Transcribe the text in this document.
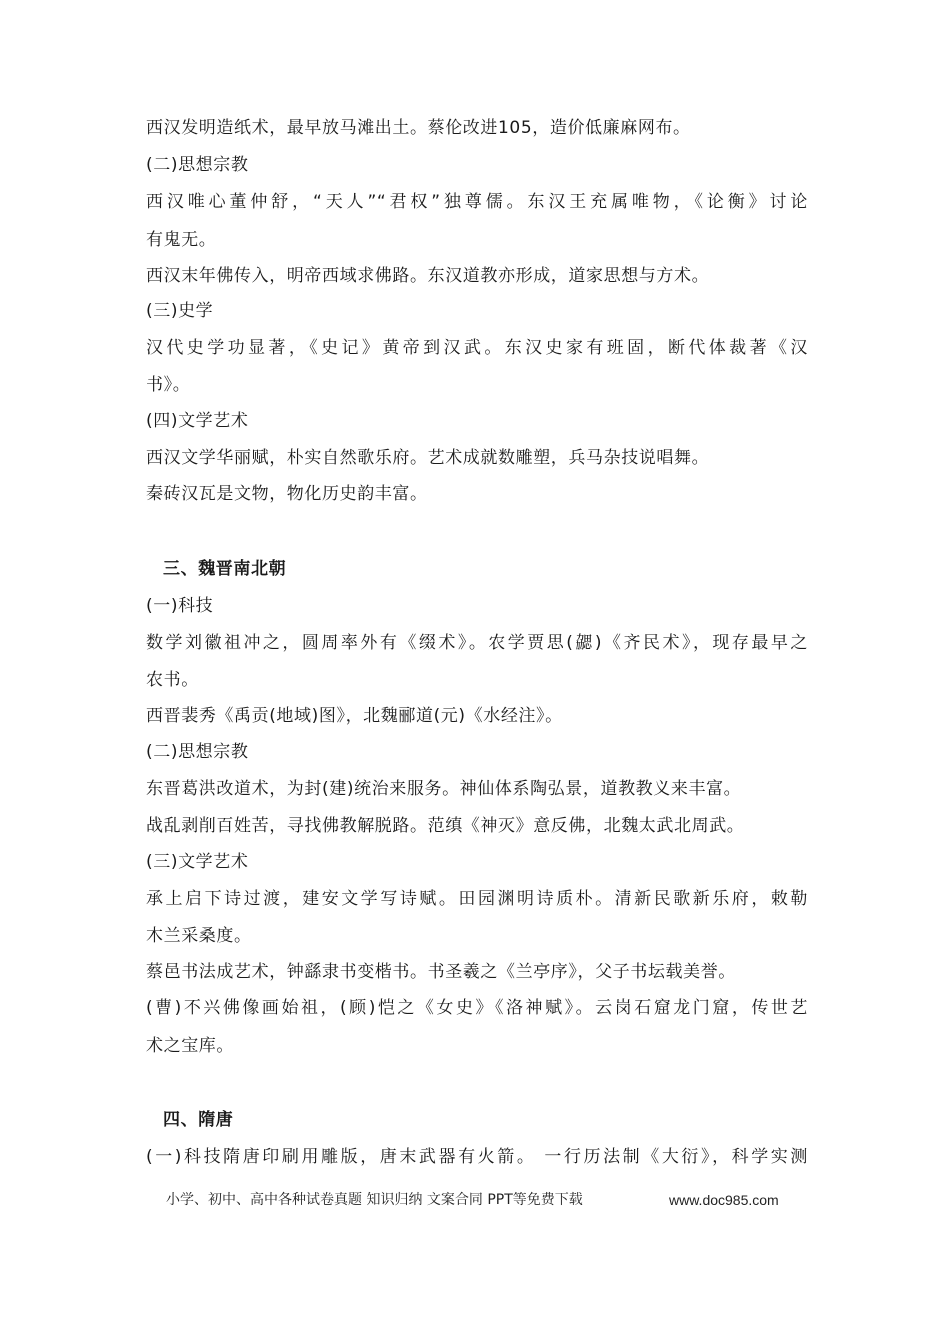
西汉发明造纸术，最早放马滩出土。蔡伦改进105，造价低廉麻网布。
(二)思想宗教
西汉唯心董仲舒，“天人”“君权”独尊儒。东汉王充属唯物，《论衡》讨论
有鬼无。
西汉末年佛传入，明帝西域求佛路。东汉道教亦形成，道家思想与方术。
(三)史学
汉代史学功显著，《史记》黄帝到汉武。东汉史家有班固，断代体裁著《汉
书》。
(四)文学艺术
西汉文学华丽赋，朴实自然歌乐府。艺术成就数雕塑，兵马杂技说唱舞。
秦砖汉瓦是文物，物化历史韵丰富。
三、魏晋南北朝
(一)科技
数学刘徽祖冲之，圆周率外有《缀术》。农学贾思(勰)《齐民术》，现存最早之
农书。
西晋裴秀《禹贡(地域)图》，北魏郦道(元)《水经注》。
(二)思想宗教
东晋葛洪改道术，为封(建)统治来服务。神仙体系陶弘景，道教教义来丰富。
战乱剥削百姓苦，寻找佛教解脱路。范缜《神灭》意反佛，北魏太武北周武。
(三)文学艺术
承上启下诗过渡，建安文学写诗赋。田园渊明诗质朴。清新民歌新乐府，敕勒
木兰采桑度。
蔡邑书法成艺术，钟繇隶书变楷书。书圣羲之《兰亭序》，父子书坛载美誉。
(曹)不兴佛像画始祖，(顾)恺之《女史》《洛神赋》。云岗石窟龙门窟，传世艺
术之宝库。
四、隋唐
(一)科技隋唐印刷用雕版，唐末武器有火箭。 一行历法制《大衍》，科学实测
小学、初中、高中各种试卷真题 知识归纳 文案合同 PPT等免费下载	www.doc985.com
